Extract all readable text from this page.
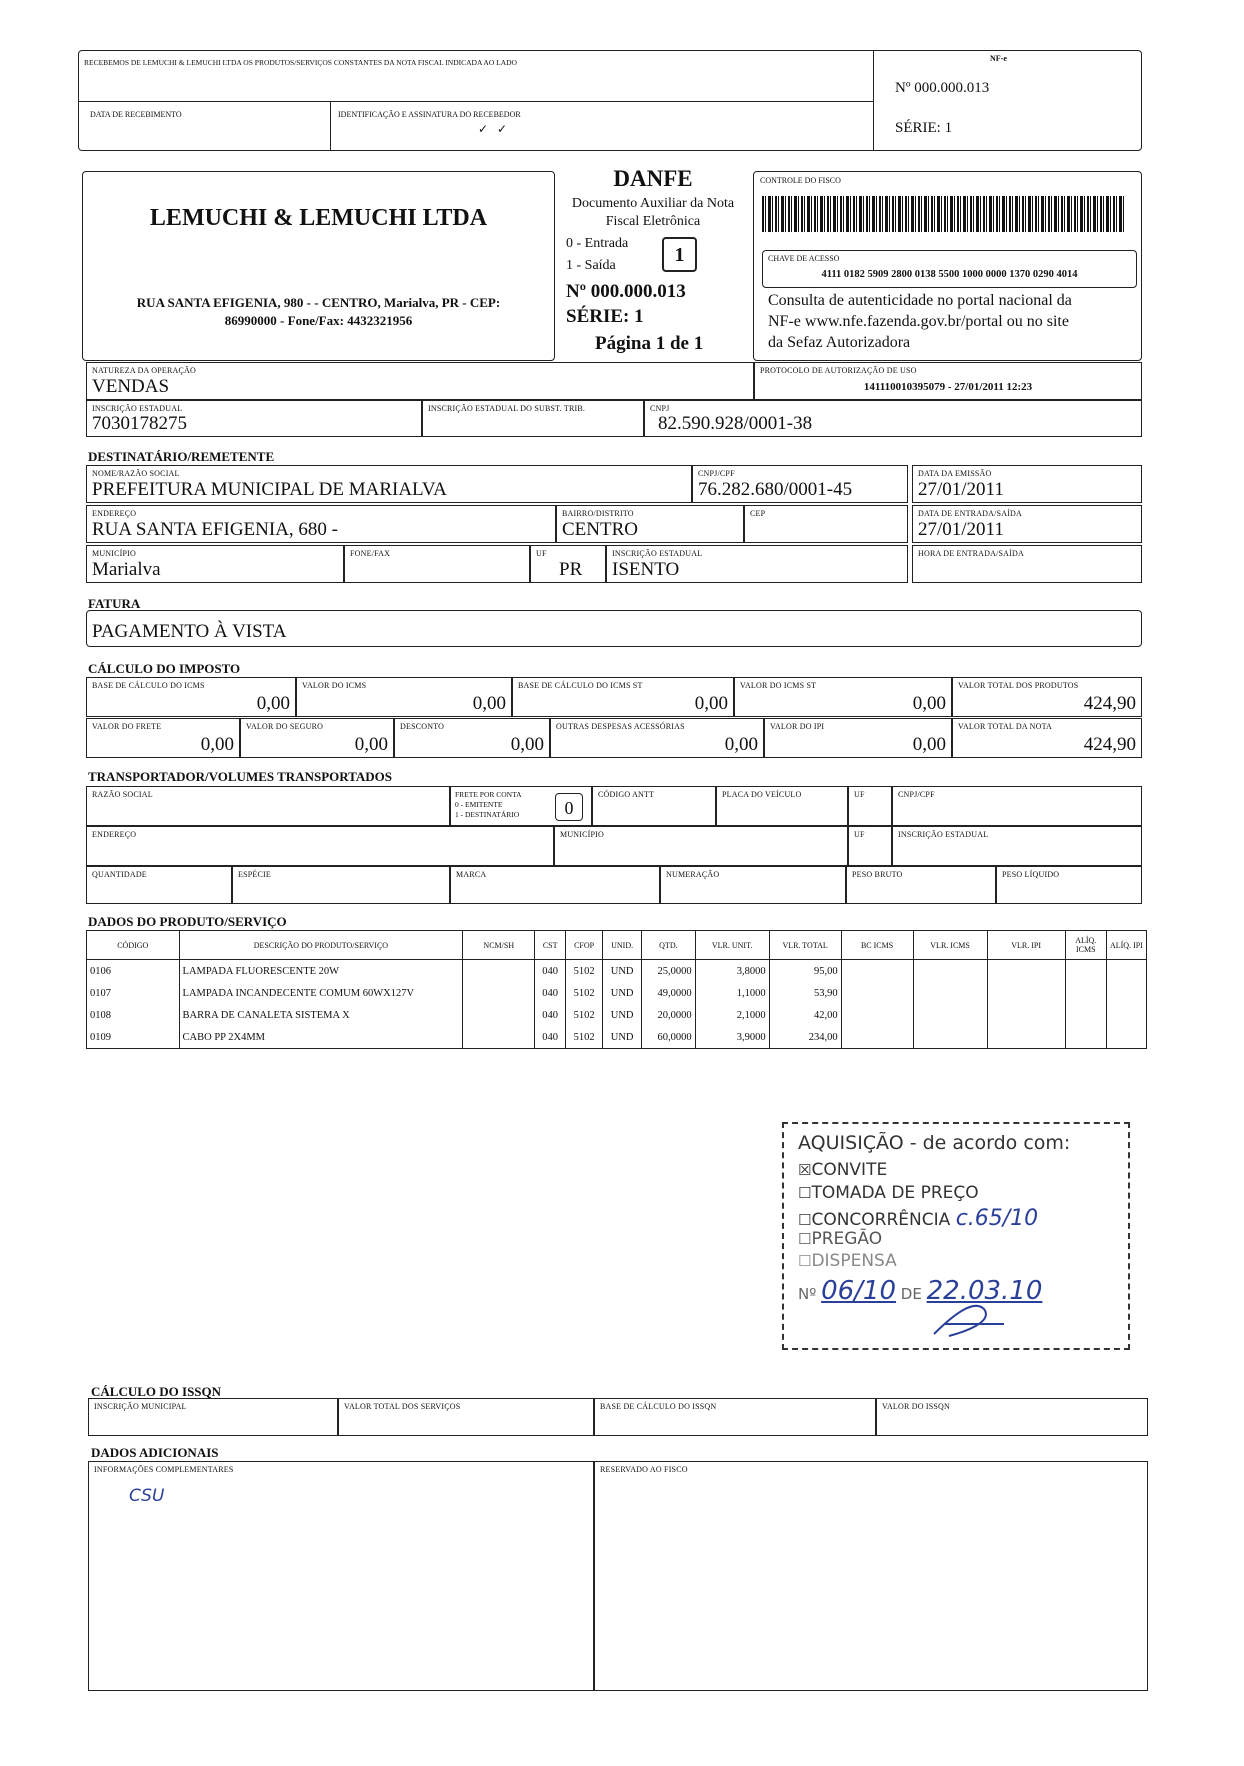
RECEBEMOS DE LEMUCHI & LEMUCHI LTDA OS PRODUTOS/SERVIÇOS CONSTANTES DA NOTA FISCAL INDICADA AO LADO
DATA DE RECEBIMENTO	IDENTIFICAÇÃO E ASSINATURA DO RECEBEDOR
✓   ✓
NF-e
Nº 000.000.013
SÉRIE: 1
LEMUCHI & LEMUCHI LTDA
RUA SANTA EFIGENIA, 980 - - CENTRO, Marialva, PR - CEP:
86990000 - Fone/Fax: 4432321956
DANFE
Documento Auxiliar da Nota
Fiscal Eletrônica
0 - Entrada
1 - Saída	1
Nº 000.000.013
SÉRIE: 1
Página 1 de 1
CONTROLE DO FISCO
CHAVE DE ACESSO
4111 0182 5909 2800 0138 5500 1000 0000 1370 0290 4014
Consulta de autenticidade no portal nacional da
NF-e www.nfe.fazenda.gov.br/portal ou no site
da Sefaz Autorizadora
NATUREZA DA OPERAÇÃO
VENDAS
PROTOCOLO DE AUTORIZAÇÃO DE USO
141110010395079 - 27/01/2011 12:23
INSCRIÇÃO ESTADUAL
7030178275
INSCRIÇÃO ESTADUAL DO SUBST. TRIB.	CNPJ
82.590.928/0001-38
DESTINATÁRIO/REMETENTE
NOME/RAZÃO SOCIAL
PREFEITURA MUNICIPAL DE MARIALVA
CNPJ/CPF
76.282.680/0001-45
DATA DA EMISSÃO
27/01/2011
ENDEREÇO
RUA SANTA EFIGENIA, 680 -
BAIRRO/DISTRITO
CENTRO
CEP	DATA DE ENTRADA/SAÍDA
27/01/2011
MUNICÍPIO
Marialva
FONE/FAX	UF
PR
INSCRIÇÃO ESTADUAL
ISENTO
HORA DE ENTRADA/SAÍDA
FATURA
PAGAMENTO À VISTA
CÁLCULO DO IMPOSTO
BASE DE CÁLCULO DO ICMS
0,00
VALOR DO ICMS
0,00
BASE DE CÁLCULO DO ICMS ST
0,00
VALOR DO ICMS ST
0,00
VALOR TOTAL DOS PRODUTOS
424,90
VALOR DO FRETE
0,00
VALOR DO SEGURO
0,00
DESCONTO
0,00
OUTRAS DESPESAS ACESSÓRIAS
0,00
VALOR DO IPI
0,00
VALOR TOTAL DA NOTA
424,90
TRANSPORTADOR/VOLUMES TRANSPORTADOS
RAZÃO SOCIAL	FRETE POR CONTA
0 - EMITENTE
1 - DESTINATÁRIO	0
CÓDIGO ANTT	PLACA DO VEÍCULO	UF	CNPJ/CPF
ENDEREÇO	MUNICÍPIO	UF	INSCRIÇÃO ESTADUAL
QUANTIDADE	ESPÉCIE	MARCA	NUMERAÇÃO	PESO BRUTO	PESO LÍQUIDO
DADOS DO PRODUTO/SERVIÇO
CÓDIGO	DESCRIÇÃO DO PRODUTO/SERVIÇO	NCM/SH	CST	CFOP	UNID.	QTD.	VLR. UNIT.	VLR. TOTAL	BC ICMS	VLR. ICMS	VLR. IPI	ALÍQ. ICMS	ALÍQ. IPI
0106	LAMPADA FLUORESCENTE 20W		040	5102	UND	25,0000	3,8000	95,00					
0107	LAMPADA INCANDECENTE COMUM 60WX127V		040	5102	UND	49,0000	1,1000	53,90					
0108	BARRA DE CANALETA SISTEMA X		040	5102	UND	20,0000	2,1000	42,00					
0109	CABO PP 2X4MM		040	5102	UND	60,0000	3,9000	234,00					
AQUISIÇÃO - de acordo com:
☒CONVITE
☐TOMADA DE PREÇO
☐CONCORRÊNCIA c.65/10
☐PREGÃO
☐DISPENSA
Nº 06/10 DE 22.03.10
CÁLCULO DO ISSQN
INSCRIÇÃO MUNICIPAL	VALOR TOTAL DOS SERVIÇOS	BASE DE CÁLCULO DO ISSQN	VALOR DO ISSQN
DADOS ADICIONAIS
INFORMAÇÕES COMPLEMENTARES
CSU
RESERVADO AO FISCO
